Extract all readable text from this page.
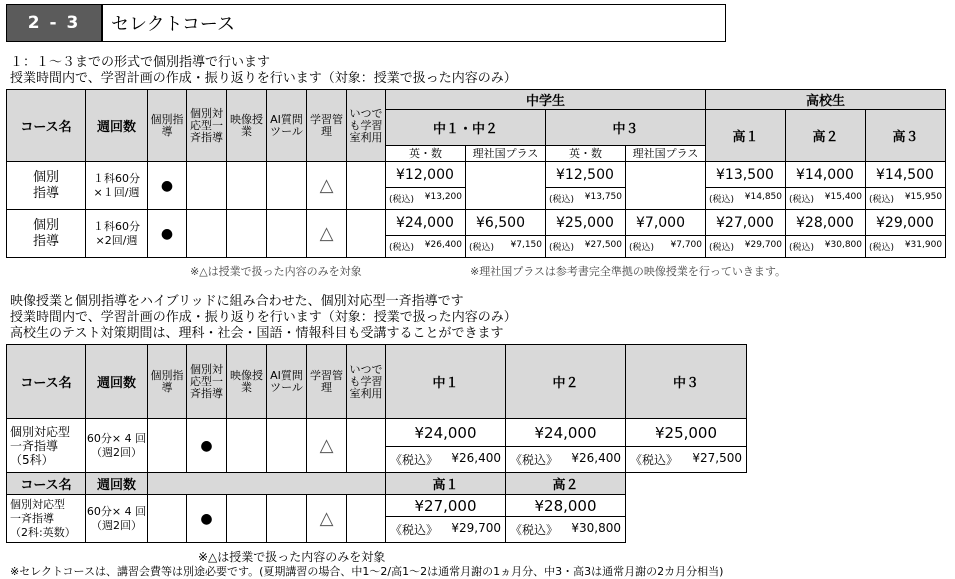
2 - 3	セレクトコース
１：１～３までの形式で個別指導で行います
授業時間内で、学習計画の作成・振り返りを行います（対象：授業で扱った内容のみ）
コース名	週回数	個別指導	個別対応型一斉指導	映像授業	AI質問ツール	学習管理	いつでも学習室利用	中学生				高校生		
								中１・中２		中３		高１	高２	高３
								英・数	理社国プラス	英・数	理社国プラス			
個別
指導	１科60分
×１回/週	●				△		¥12,000		¥12,500		¥13,500	¥14,000	¥14,500

								(税込) ¥13,200		(税込) ¥13,750		(税込) ¥14,850	(税込) ¥15,400	(税込) ¥15,950

個別
指導	１科60分
×2回/週	●				△		¥24,000	¥6,500	¥25,000	¥7,000	¥27,000	¥28,000	¥29,000

								(税込) ¥26,400	(税込) ¥7,150	(税込) ¥27,500	(税込) ¥7,700	(税込) ¥29,700	(税込) ¥30,800	(税込) ¥31,900
※△は授業で扱った内容のみを対象	※理社国プラスは参考書完全準拠の映像授業を行っていきます。
映像授業と個別指導をハイブリッドに組み合わせた、個別対応型一斉指導です
授業時間内で、学習計画の作成・振り返りを行います（対象：授業で扱った内容のみ）
高校生のテスト対策期間は、理科・社会・国語・情報科目も受講することができます
コース名	週回数	個別指導	個別対応型一斉指導	映像授業	AI質問ツール	学習管理	いつでも学習室利用	中１	中２	中３
個別対応型
一斉指導
（5科）	60分× 4 回
（週2回）		●			△		¥24,000	¥24,000	¥25,000

								《税込》 ¥26,400	《税込》 ¥26,400	《税込》 ¥27,500

コース名	週回数							高１	高２	
個別対応型
一斉指導
（2科:英数）	60分× 4 回
（週2回）		●			△		¥27,000	¥28,000	

								《税込》 ¥29,700	《税込》 ¥30,800	
※△は授業で扱った内容のみを対象
※セレクトコースは、講習会費等は別途必要です。(夏期講習の場合、中1～2/高1～2は通常月謝の1ヵ月分、中3・高3は通常月謝の2カ月分相当)
